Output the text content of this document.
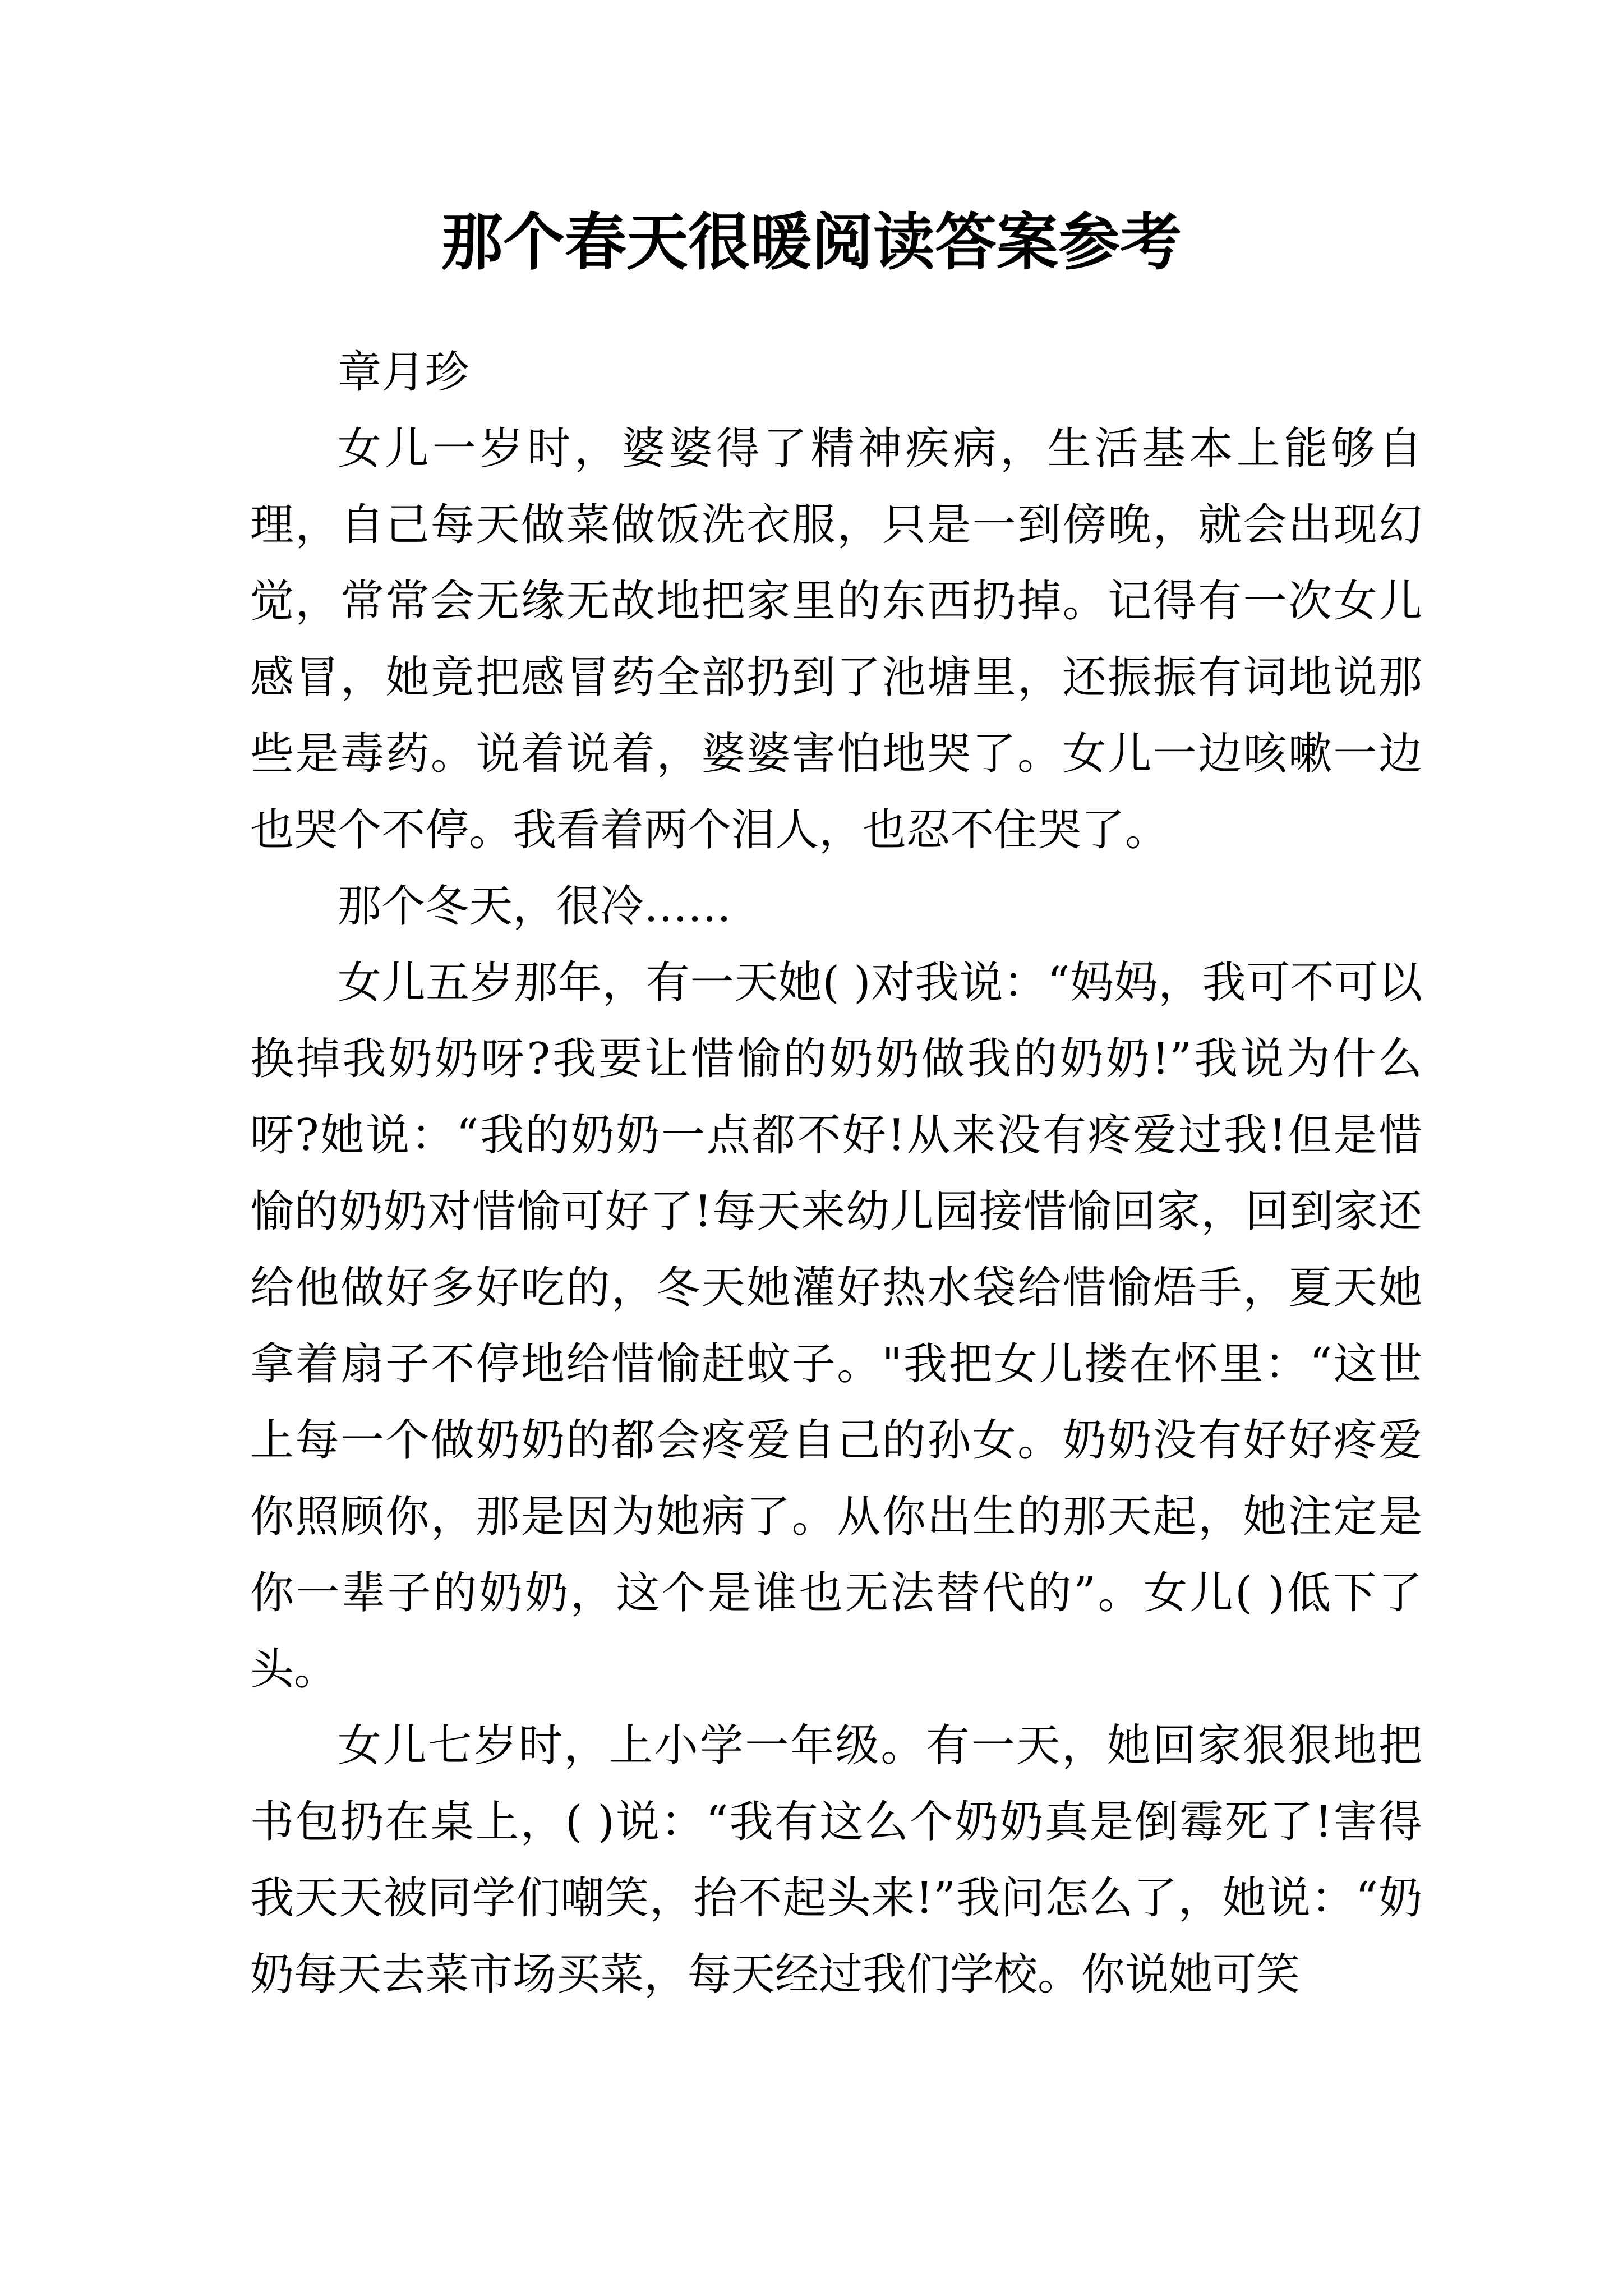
那个春天很暖阅读答案参考

章月珍

女儿一岁时，婆婆得了精神疾病，生活基本上能够自理，自己每天做菜做饭洗衣服，只是一到傍晚，就会出现幻觉，常常会无缘无故地把家里的东西扔掉。记得有一次女儿感冒，她竟把感冒药全部扔到了池塘里，还振振有词地说那些是毒药。说着说着，婆婆害怕地哭了。女儿一边咳嗽一边也哭个不停。我看着两个泪人，也忍不住哭了。

那个冬天，很冷……

女儿五岁那年，有一天她( )对我说：“妈妈，我可不可以换掉我奶奶呀?我要让惜愉的奶奶做我的奶奶!”我说为什么呀?她说：“我的奶奶一点都不好!从来没有疼爱过我!但是惜愉的奶奶对惜愉可好了!每天来幼儿园接惜愉回家，回到家还给他做好多好吃的，冬天她灌好热水袋给惜愉焐手，夏天她拿着扇子不停地给惜愉赶蚊子。"我把女儿搂在怀里：“这世上每一个做奶奶的都会疼爱自己的孙女。奶奶没有好好疼爱你照顾你，那是因为她病了。从你出生的那天起，她注定是你一辈子的奶奶，这个是谁也无法替代的”。女儿( )低下了头。

女儿七岁时，上小学一年级。有一天，她回家狠狠地把书包扔在桌上，( )说：“我有这么个奶奶真是倒霉死了!害得我天天被同学们嘲笑，抬不起头来!”我问怎么了，她说：“奶奶每天去菜市场买菜，每天经过我们学校。你说她可笑
